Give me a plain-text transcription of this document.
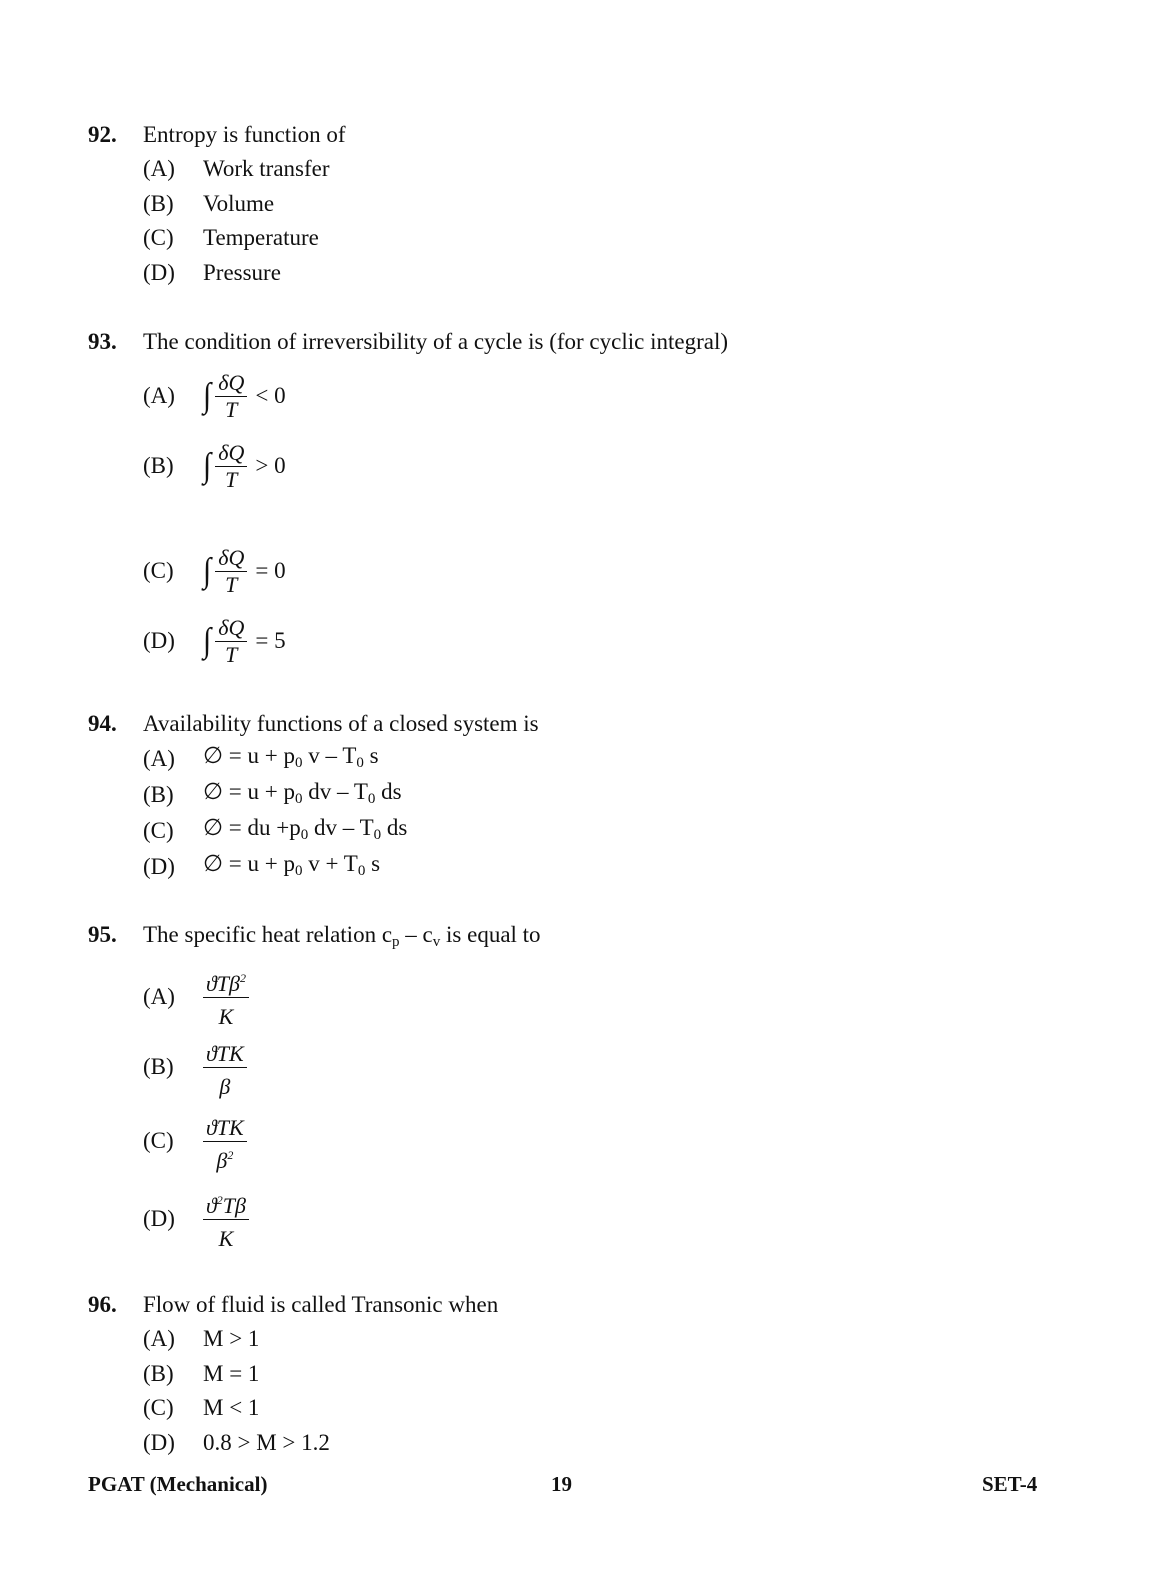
92.	Entropy is function of
(A)	Work transfer
(B)	Volume
(C)	Temperature
(D)	Pressure
93.	The condition of irreversibility of a cycle is (for cyclic integral)
(A) ∫ $\frac{\delta Q}{T} < 0$
(B) ∫ $\frac{\delta Q}{T} > 0$
(C) ∫ $\frac{\delta Q}{T} = 0$
(D) ∫ $\frac{\delta Q}{T} = 5$
94.	Availability functions of a closed system is
(A)	∅ = $u + p_0$ v – $T_0$ s
(B)	∅ = $u + p_0$ dv – $T_0$ ds
(C)	∅ = du $+p_0$ dv – $T_0$ ds
(D)	∅ = $u + p_0$ $v + T_0$ s
95.	The specific heat relation $c_p - c_v$ is equal to
(A)	$\frac{ϑT\beta^2}{K}$
(B)	$\frac{\text{ϑTK}}{\beta}$
(C)	$\frac{\text{ϑTK}}{\beta^2}$
(D)	$\frac{ϑ^2T\beta}{K}$
96.	Flow of fluid is called Transonic when
(A)	M > 1
(B)	M = 1
(C)	M < 1
(D)	0.8 > M > 1.2
PGAT (Mechanical)	19	SET-4
